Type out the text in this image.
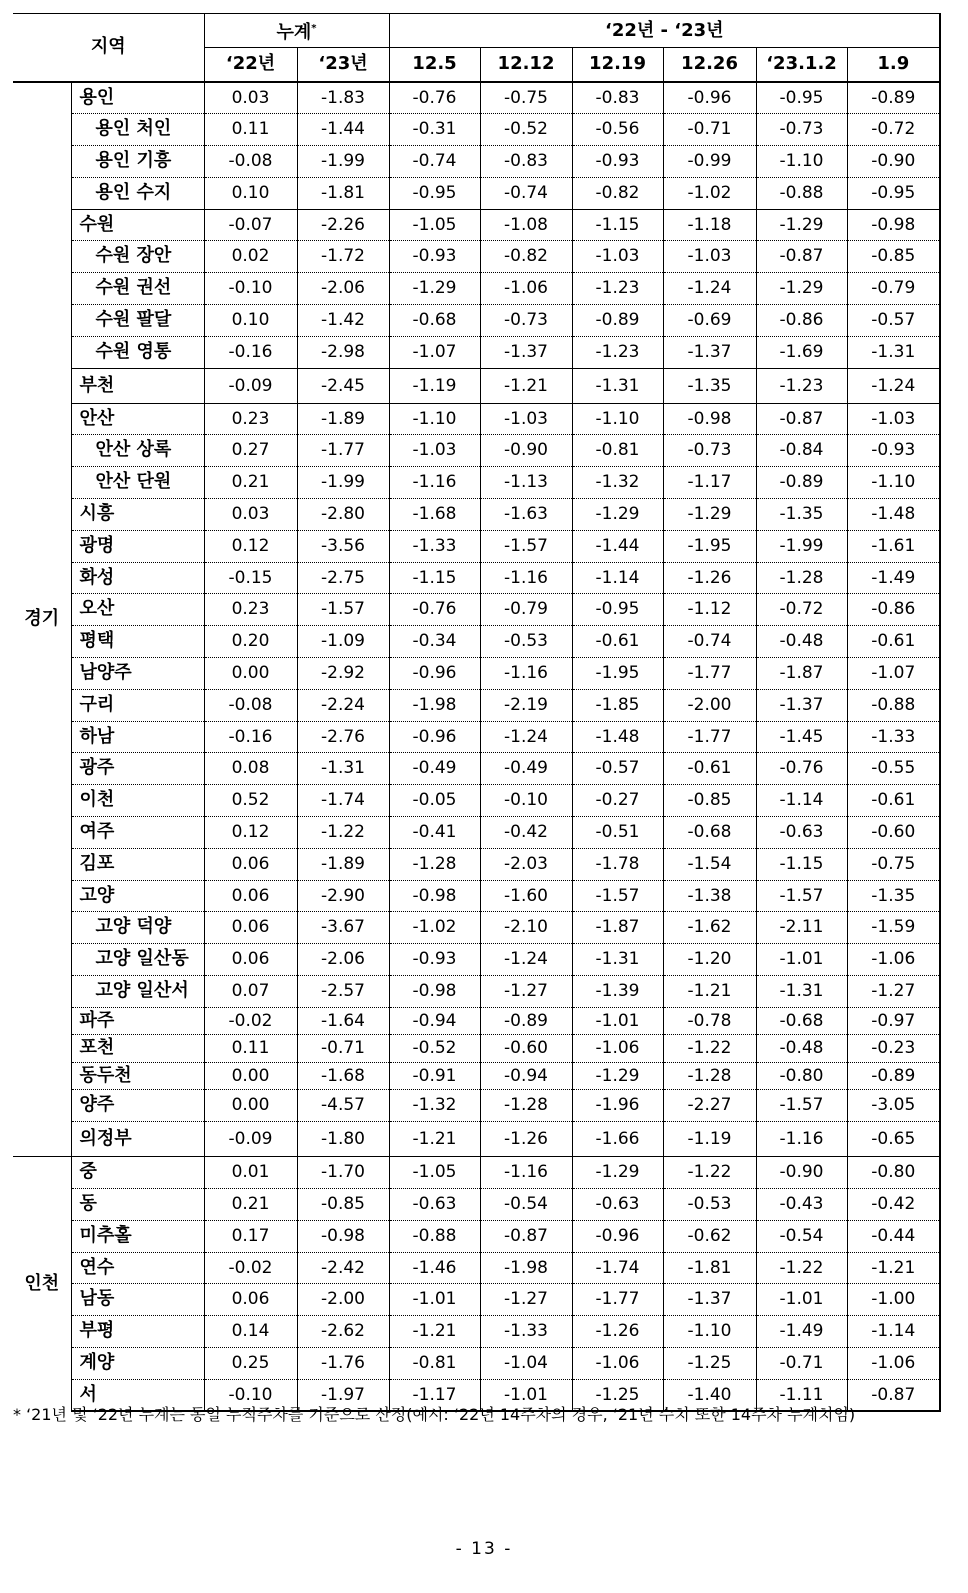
지역		누계*		‘22년 - ‘23년					
		‘22년	‘23년	12.5	12.12	12.19	12.26	‘23.1.2	1.9
경기	용인	0.03	-1.83	-0.76	-0.75	-0.83	-0.96	-0.95	-0.89
	용인 처인	0.11	-1.44	-0.31	-0.52	-0.56	-0.71	-0.73	-0.72
	용인 기흥	-0.08	-1.99	-0.74	-0.83	-0.93	-0.99	-1.10	-0.90
	용인 수지	0.10	-1.81	-0.95	-0.74	-0.82	-1.02	-0.88	-0.95
	수원	-0.07	-2.26	-1.05	-1.08	-1.15	-1.18	-1.29	-0.98
	수원 장안	0.02	-1.72	-0.93	-0.82	-1.03	-1.03	-0.87	-0.85
	수원 권선	-0.10	-2.06	-1.29	-1.06	-1.23	-1.24	-1.29	-0.79
	수원 팔달	0.10	-1.42	-0.68	-0.73	-0.89	-0.69	-0.86	-0.57
	수원 영통	-0.16	-2.98	-1.07	-1.37	-1.23	-1.37	-1.69	-1.31
	부천	-0.09	-2.45	-1.19	-1.21	-1.31	-1.35	-1.23	-1.24
	안산	0.23	-1.89	-1.10	-1.03	-1.10	-0.98	-0.87	-1.03
	안산 상록	0.27	-1.77	-1.03	-0.90	-0.81	-0.73	-0.84	-0.93
	안산 단원	0.21	-1.99	-1.16	-1.13	-1.32	-1.17	-0.89	-1.10
	시흥	0.03	-2.80	-1.68	-1.63	-1.29	-1.29	-1.35	-1.48
	광명	0.12	-3.56	-1.33	-1.57	-1.44	-1.95	-1.99	-1.61
	화성	-0.15	-2.75	-1.15	-1.16	-1.14	-1.26	-1.28	-1.49
	오산	0.23	-1.57	-0.76	-0.79	-0.95	-1.12	-0.72	-0.86
	평택	0.20	-1.09	-0.34	-0.53	-0.61	-0.74	-0.48	-0.61
	남양주	0.00	-2.92	-0.96	-1.16	-1.95	-1.77	-1.87	-1.07
	구리	-0.08	-2.24	-1.98	-2.19	-1.85	-2.00	-1.37	-0.88
	하남	-0.16	-2.76	-0.96	-1.24	-1.48	-1.77	-1.45	-1.33
	광주	0.08	-1.31	-0.49	-0.49	-0.57	-0.61	-0.76	-0.55
	이천	0.52	-1.74	-0.05	-0.10	-0.27	-0.85	-1.14	-0.61
	여주	0.12	-1.22	-0.41	-0.42	-0.51	-0.68	-0.63	-0.60
	김포	0.06	-1.89	-1.28	-2.03	-1.78	-1.54	-1.15	-0.75
	고양	0.06	-2.90	-0.98	-1.60	-1.57	-1.38	-1.57	-1.35
	고양 덕양	0.06	-3.67	-1.02	-2.10	-1.87	-1.62	-2.11	-1.59
	고양 일산동	0.06	-2.06	-0.93	-1.24	-1.31	-1.20	-1.01	-1.06
	고양 일산서	0.07	-2.57	-0.98	-1.27	-1.39	-1.21	-1.31	-1.27
	파주	-0.02	-1.64	-0.94	-0.89	-1.01	-0.78	-0.68	-0.97
	포천	0.11	-0.71	-0.52	-0.60	-1.06	-1.22	-0.48	-0.23
	동두천	0.00	-1.68	-0.91	-0.94	-1.29	-1.28	-0.80	-0.89
	양주	0.00	-4.57	-1.32	-1.28	-1.96	-2.27	-1.57	-3.05
	의정부	-0.09	-1.80	-1.21	-1.26	-1.66	-1.19	-1.16	-0.65
인천	중	0.01	-1.70	-1.05	-1.16	-1.29	-1.22	-0.90	-0.80
	동	0.21	-0.85	-0.63	-0.54	-0.63	-0.53	-0.43	-0.42
	미추홀	0.17	-0.98	-0.88	-0.87	-0.96	-0.62	-0.54	-0.44
	연수	-0.02	-2.42	-1.46	-1.98	-1.74	-1.81	-1.22	-1.21
	남동	0.06	-2.00	-1.01	-1.27	-1.77	-1.37	-1.01	-1.00
	부평	0.14	-2.62	-1.21	-1.33	-1.26	-1.10	-1.49	-1.14
	계양	0.25	-1.76	-0.81	-1.04	-1.06	-1.25	-0.71	-1.06
	서	-0.10	-1.97	-1.17	-1.01	-1.25	-1.40	-1.11	-0.87
* ‘21년 및 ‘22년 누계는 동일 누적주차를 기준으로 산정(예시: ‘22년 14주차의 경우, ‘21년 수치 또한 14주차 누계치임)
- 13 -
